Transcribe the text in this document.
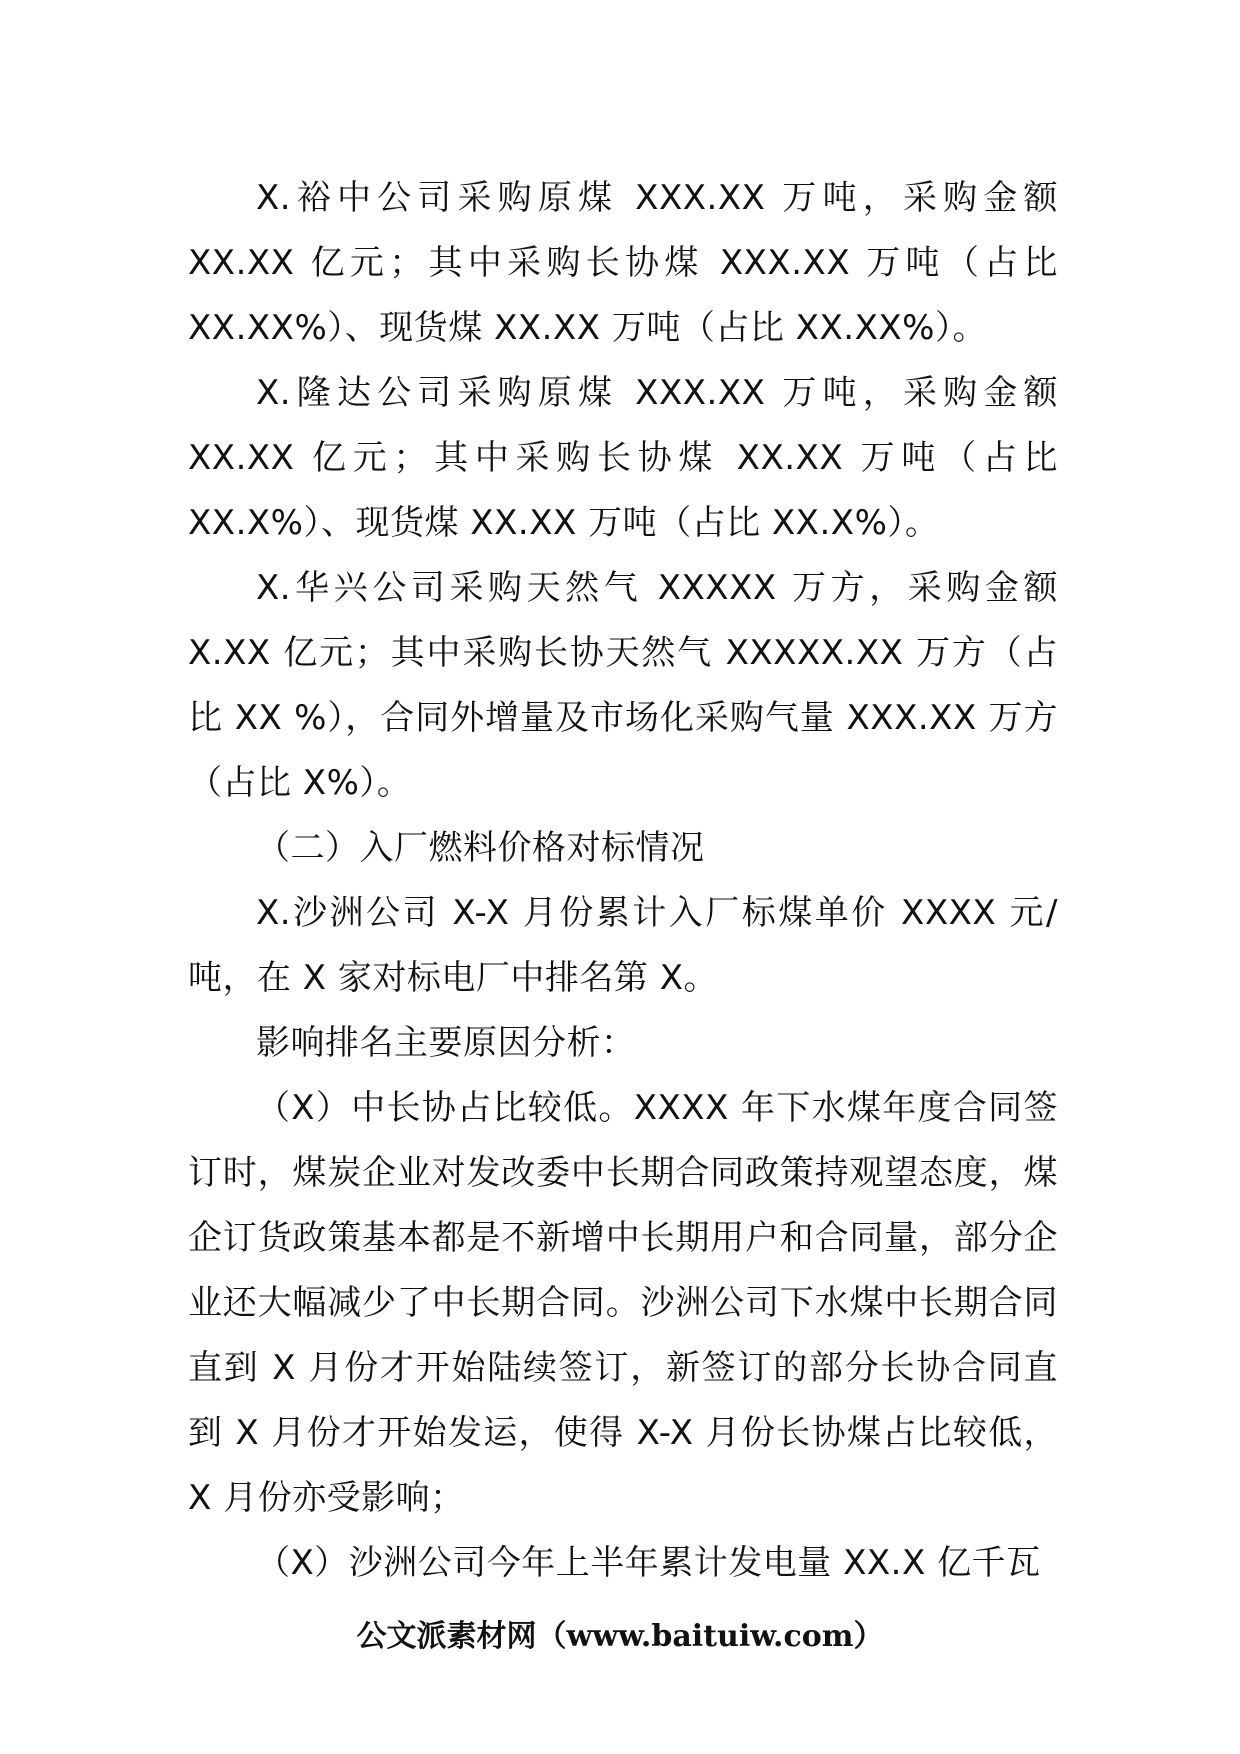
X.裕中公司采购原煤 XXX.XX 万吨，采购金额 XX.XX 亿元；其中采购长协煤 XXX.XX 万吨（占比 XX.XX%）、现货煤 XX.XX 万吨（占比 XX.XX%）。

X.隆达公司采购原煤 XXX.XX 万吨，采购金额 XX.XX 亿元；其中采购长协煤 XX.XX 万吨（占比 XX.X%）、现货煤 XX.XX 万吨（占比 XX.X%）。

X.华兴公司采购天然气 XXXXX 万方，采购金额 X.XX 亿元；其中采购长协天然气 XXXXX.XX 万方（占比 XX %），合同外增量及市场化采购气量 XXX.XX 万方（占比 X%）。

（二）入厂燃料价格对标情况

X.沙洲公司 X-X 月份累计入厂标煤单价 XXXX 元/吨，在 X 家对标电厂中排名第 X。

影响排名主要原因分析：

（X）中长协占比较低。XXXX 年下水煤年度合同签订时，煤炭企业对发改委中长期合同政策持观望态度，煤企订货政策基本都是不新增中长期用户和合同量，部分企业还大幅减少了中长期合同。沙洲公司下水煤中长期合同直到 X 月份才开始陆续签订，新签订的部分长协合同直到 X 月份才开始发运，使得 X-X 月份长协煤占比较低，X 月份亦受影响；

（X）沙洲公司今年上半年累计发电量 XX.X 亿千瓦

公文派素材网（www.baituiw.com）
